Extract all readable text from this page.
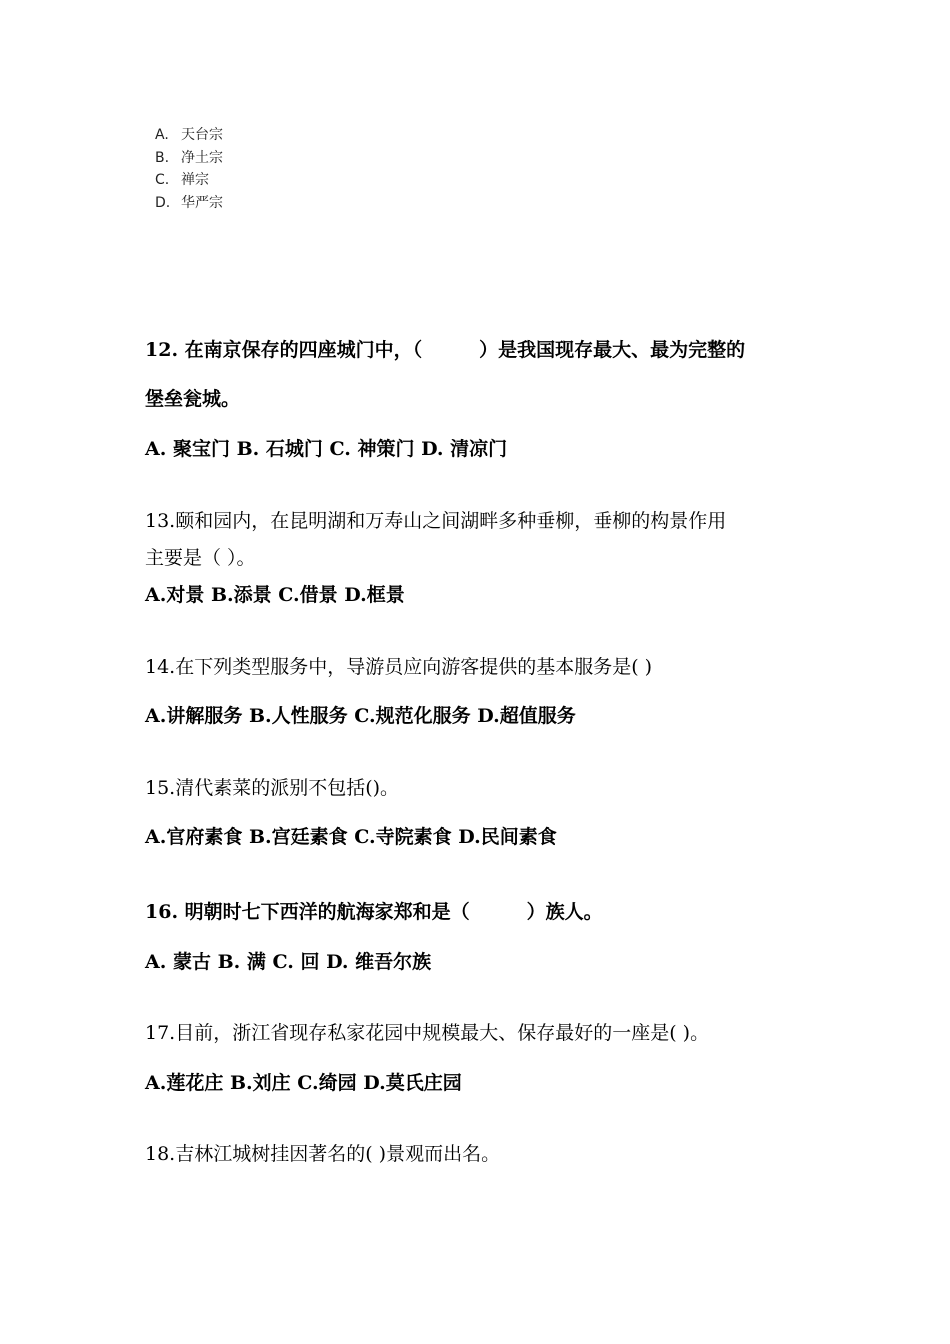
A. 天台宗
B. 净土宗
C. 禅宗
D. 华严宗
12. 在南京保存的四座城门中，（　　　）是我国现存最大、最为完整的
堡垒瓮城。
A. 聚宝门 B. 石城门 C. 神策门 D. 清凉门
13.颐和园内，在昆明湖和万寿山之间湖畔多种垂柳，垂柳的构景作用
主要是（ ）。
A.对景 B.添景 C.借景 D.框景
14.在下列类型服务中，导游员应向游客提供的基本服务是( )
A.讲解服务 B.人性服务 C.规范化服务 D.超值服务
15.清代素菜的派别不包括()。
A.官府素食 B.宫廷素食 C.寺院素食 D.民间素食
16. 明朝时七下西洋的航海家郑和是（　　　）族人。
A. 蒙古 B. 满 C. 回 D. 维吾尔族
17.目前，浙江省现存私家花园中规模最大、保存最好的一座是( )。
A.莲花庄 B.刘庄 C.绮园 D.莫氏庄园
18.吉林江城树挂因著名的( )景观而出名。
